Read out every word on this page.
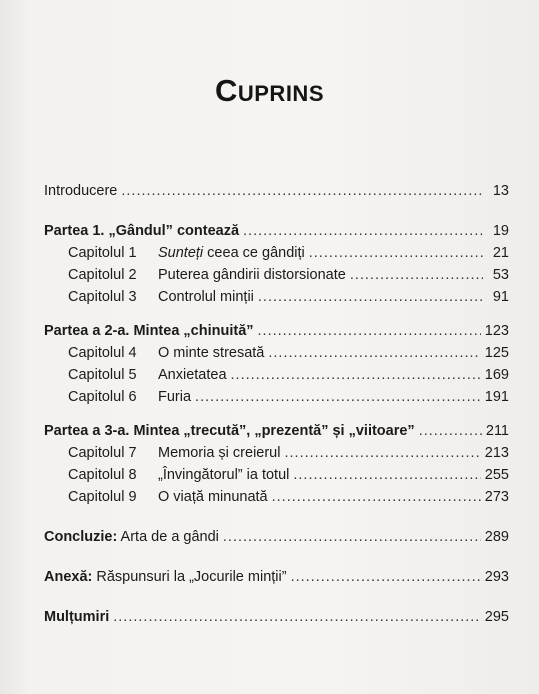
CUPRINS
Introducere .....	13
Partea 1. „Gândul” contează .....	19
Capitolul 1	Sunteți ceea ce gândiți .....	21
Capitolul 2	Puterea gândirii distorsionate .....	53
Capitolul 3	Controlul minții .....	91
Partea a 2-a. Mintea „chinuită” .....	123
Capitolul 4	O minte stresată .....	125
Capitolul 5	Anxietatea .....	169
Capitolul 6	Furia .....	191
Partea a 3-a. Mintea „trecută”, „prezentă” și „viitoare” .....	211
Capitolul 7	Memoria și creierul .....	213
Capitolul 8	„Învingătorul” ia totul .....	255
Capitolul 9	O viață minunată .....	273
Concluzie: Arta de a gândi .....	289
Anexă: Răspunsuri la „Jocurile minții” .....	293
Mulțumiri .....	295
